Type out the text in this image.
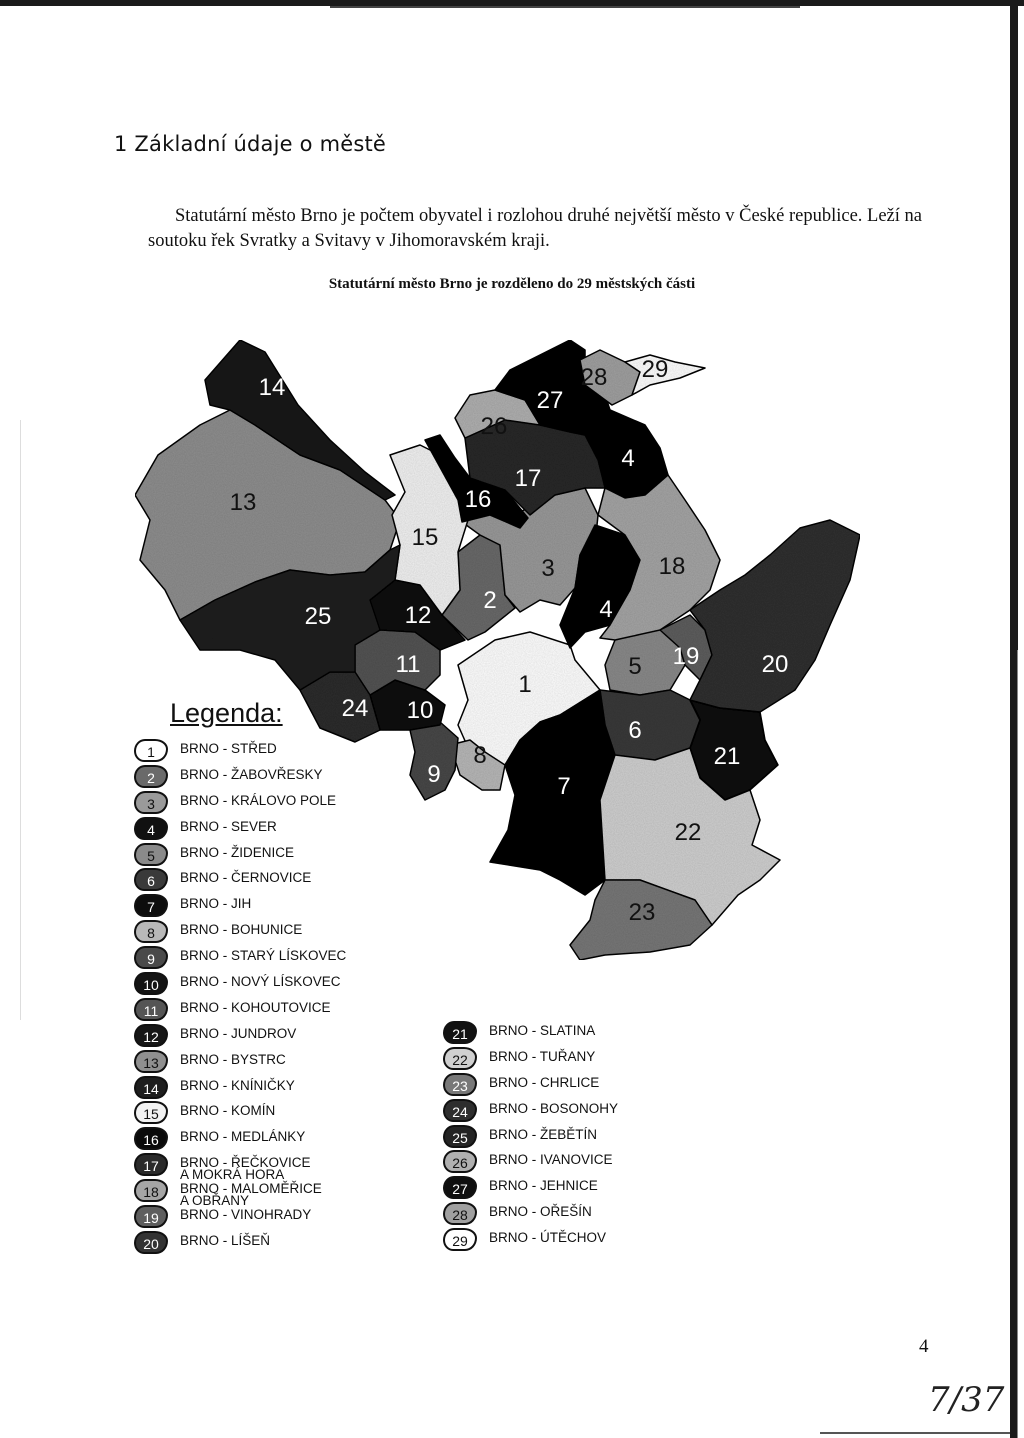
1 Základní údaje o městě

Statutární město Brno je počtem obyvatel i rozlohou druhé největší město v České republice. Leží na soutoku řek Svratky a Svitavy v Jihomoravském kraji.

Statutární město Brno je rozděleno do 29 městských části

1
2
3
4
4
5
6
7
8
9
10
11
12
13
14
15
16
17
18
19	20
21
22
23
24
25
26
27
28 29
Legenda:
1	BRNO - STŘED
2	BRNO - ŽABOVŘESKY
3	BRNO - KRÁLOVO POLE
4	BRNO - SEVER
5	BRNO - ŽIDENICE
6	BRNO - ČERNOVICE
7	BRNO - JIH
8	BRNO - BOHUNICE
9	BRNO - STARÝ LÍSKOVEC
10	BRNO - NOVÝ LÍSKOVEC
11	BRNO - KOHOUTOVICE
12	BRNO - JUNDROV
13	BRNO - BYSTRC
14	BRNO - KNÍNIČKY
15	BRNO - KOMÍN
16	BRNO - MEDLÁNKY
17	BRNO - ŘEČKOVICE
A MOKRÁ HORA
18	BRNO - MALOMĚŘICE
A OBŘANY
19	BRNO - VINOHRADY
20	BRNO - LÍŠEŇ
21	BRNO - SLATINA
22	BRNO - TUŘANY
23	BRNO - CHRLICE
24	BRNO - BOSONOHY
25	BRNO - ŽEBĚTÍN
26	BRNO - IVANOVICE
27	BRNO - JEHNICE
28	BRNO - OŘEŠÍN
29	BRNO - ÚTĚCHOV
4
7/37
